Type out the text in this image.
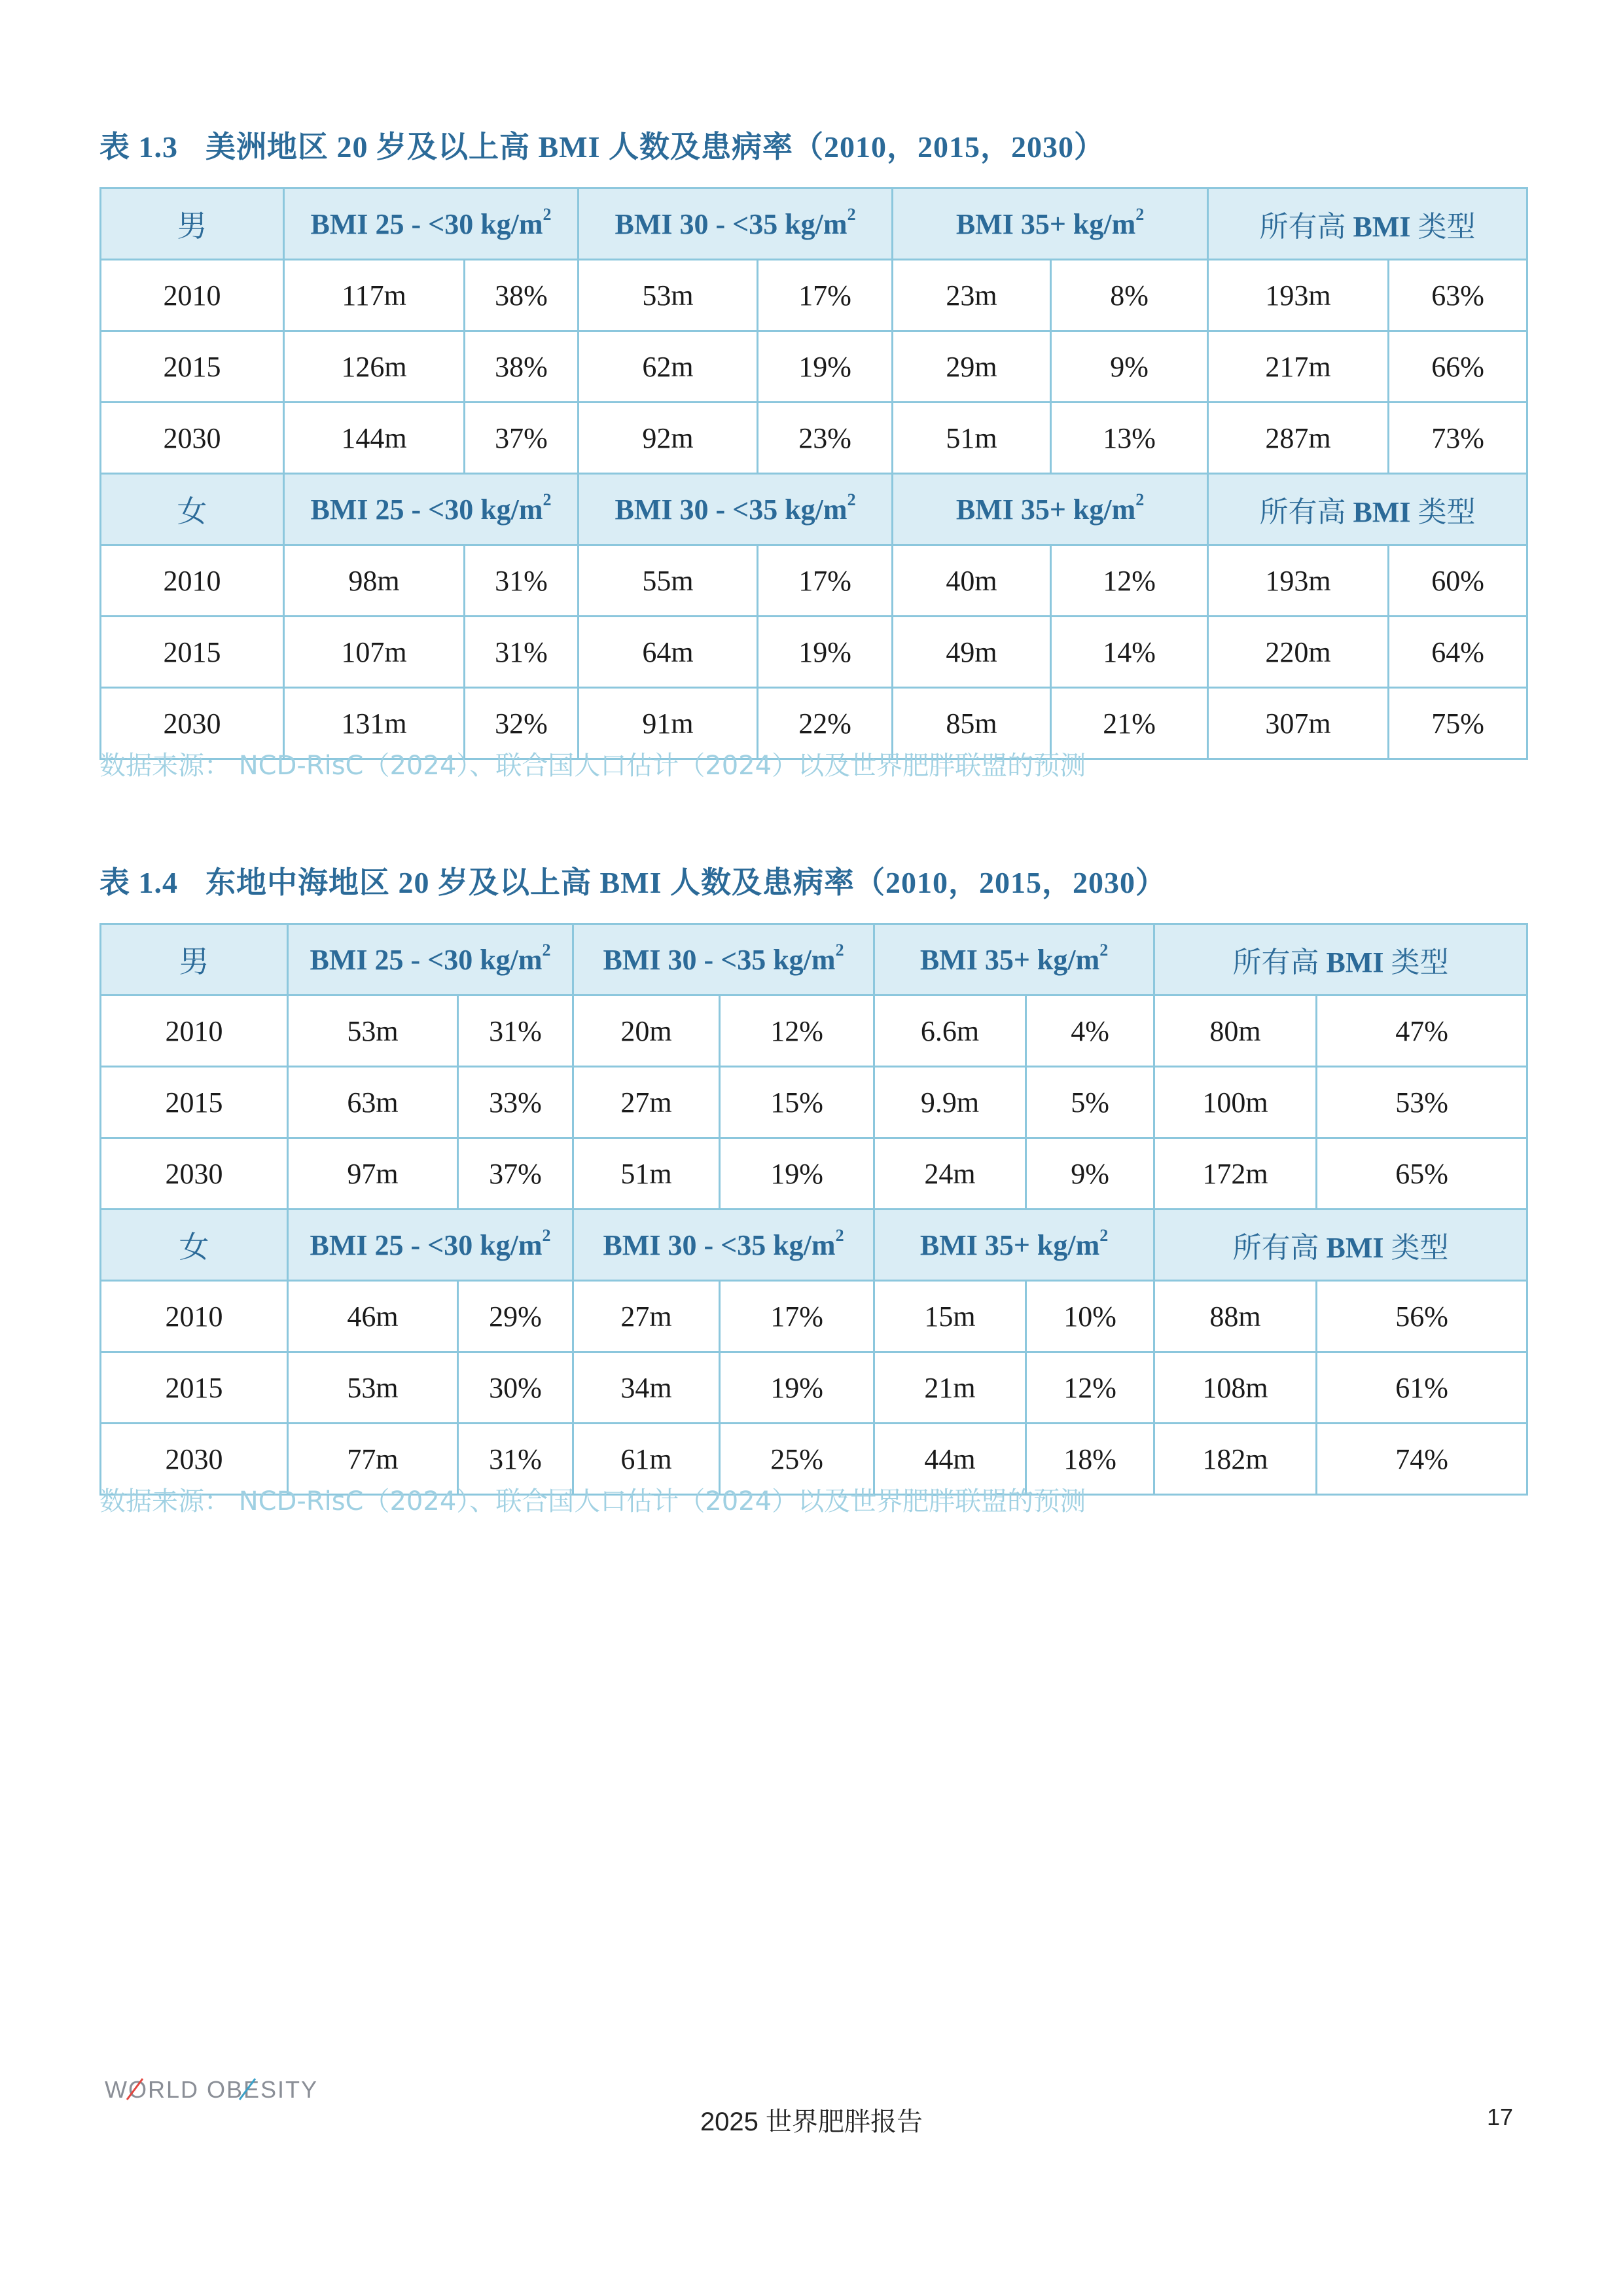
表 1.3 美洲地区 20 岁及以上高 BMI 人数及患病率（2010，2015，2030）
男	BMI 25 - <30 $kg/m^2$		BMI 30 - <35 $kg/m^2$		BMI $35+ kg/m^2$		所有高 BMI 类型	
2010	117m	38%	53m	17%	23m	8%	193m	63%
2015	126m	38%	62m	19%	29m	9%	217m	66%
2030	144m	37%	92m	23%	51m	13%	287m	73%
女	BMI 25 - <30 $kg/m^2$		BMI 30 - <35 $kg/m^2$		BMI $35+ kg/m^2$		所有高 BMI 类型	
2010	98m	31%	55m	17%	40m	12%	193m	60%
2015	107m	31%	64m	19%	49m	14%	220m	64%
2030	131m	32%	91m	22%	85m	21%	307m	75%
数据来源： NCD-RisC（2024）、联合国人口估计（2024）以及世界肥胖联盟的预测
表 1.4 东地中海地区 20 岁及以上高 BMI 人数及患病率（2010，2015，2030）
男	BMI 25 - <30 $kg/m^2$		BMI 30 - <35 $kg/m^2$		BMI $35+ kg/m^2$		所有高 BMI 类型	
2010	53m	31%	20m	12%	6.6m	4%	80m	47%
2015	63m	33%	27m	15%	9.9m	5%	100m	53%
2030	97m	37%	51m	19%	24m	9%	172m	65%
女	BMI 25 - <30 $kg/m^2$		BMI 30 - <35 $kg/m^2$		BMI $35+ kg/m^2$		所有高 BMI 类型	
2010	46m	29%	27m	17%	15m	10%	88m	56%
2015	53m	30%	34m	19%	21m	12%	108m	61%
2030	77m	31%	61m	25%	44m	18%	182m	74%
数据来源： NCD-RisC（2024）、联合国人口估计（2024）以及世界肥胖联盟的预测
WORLD OBESITY
2025 世界肥胖报告	17
